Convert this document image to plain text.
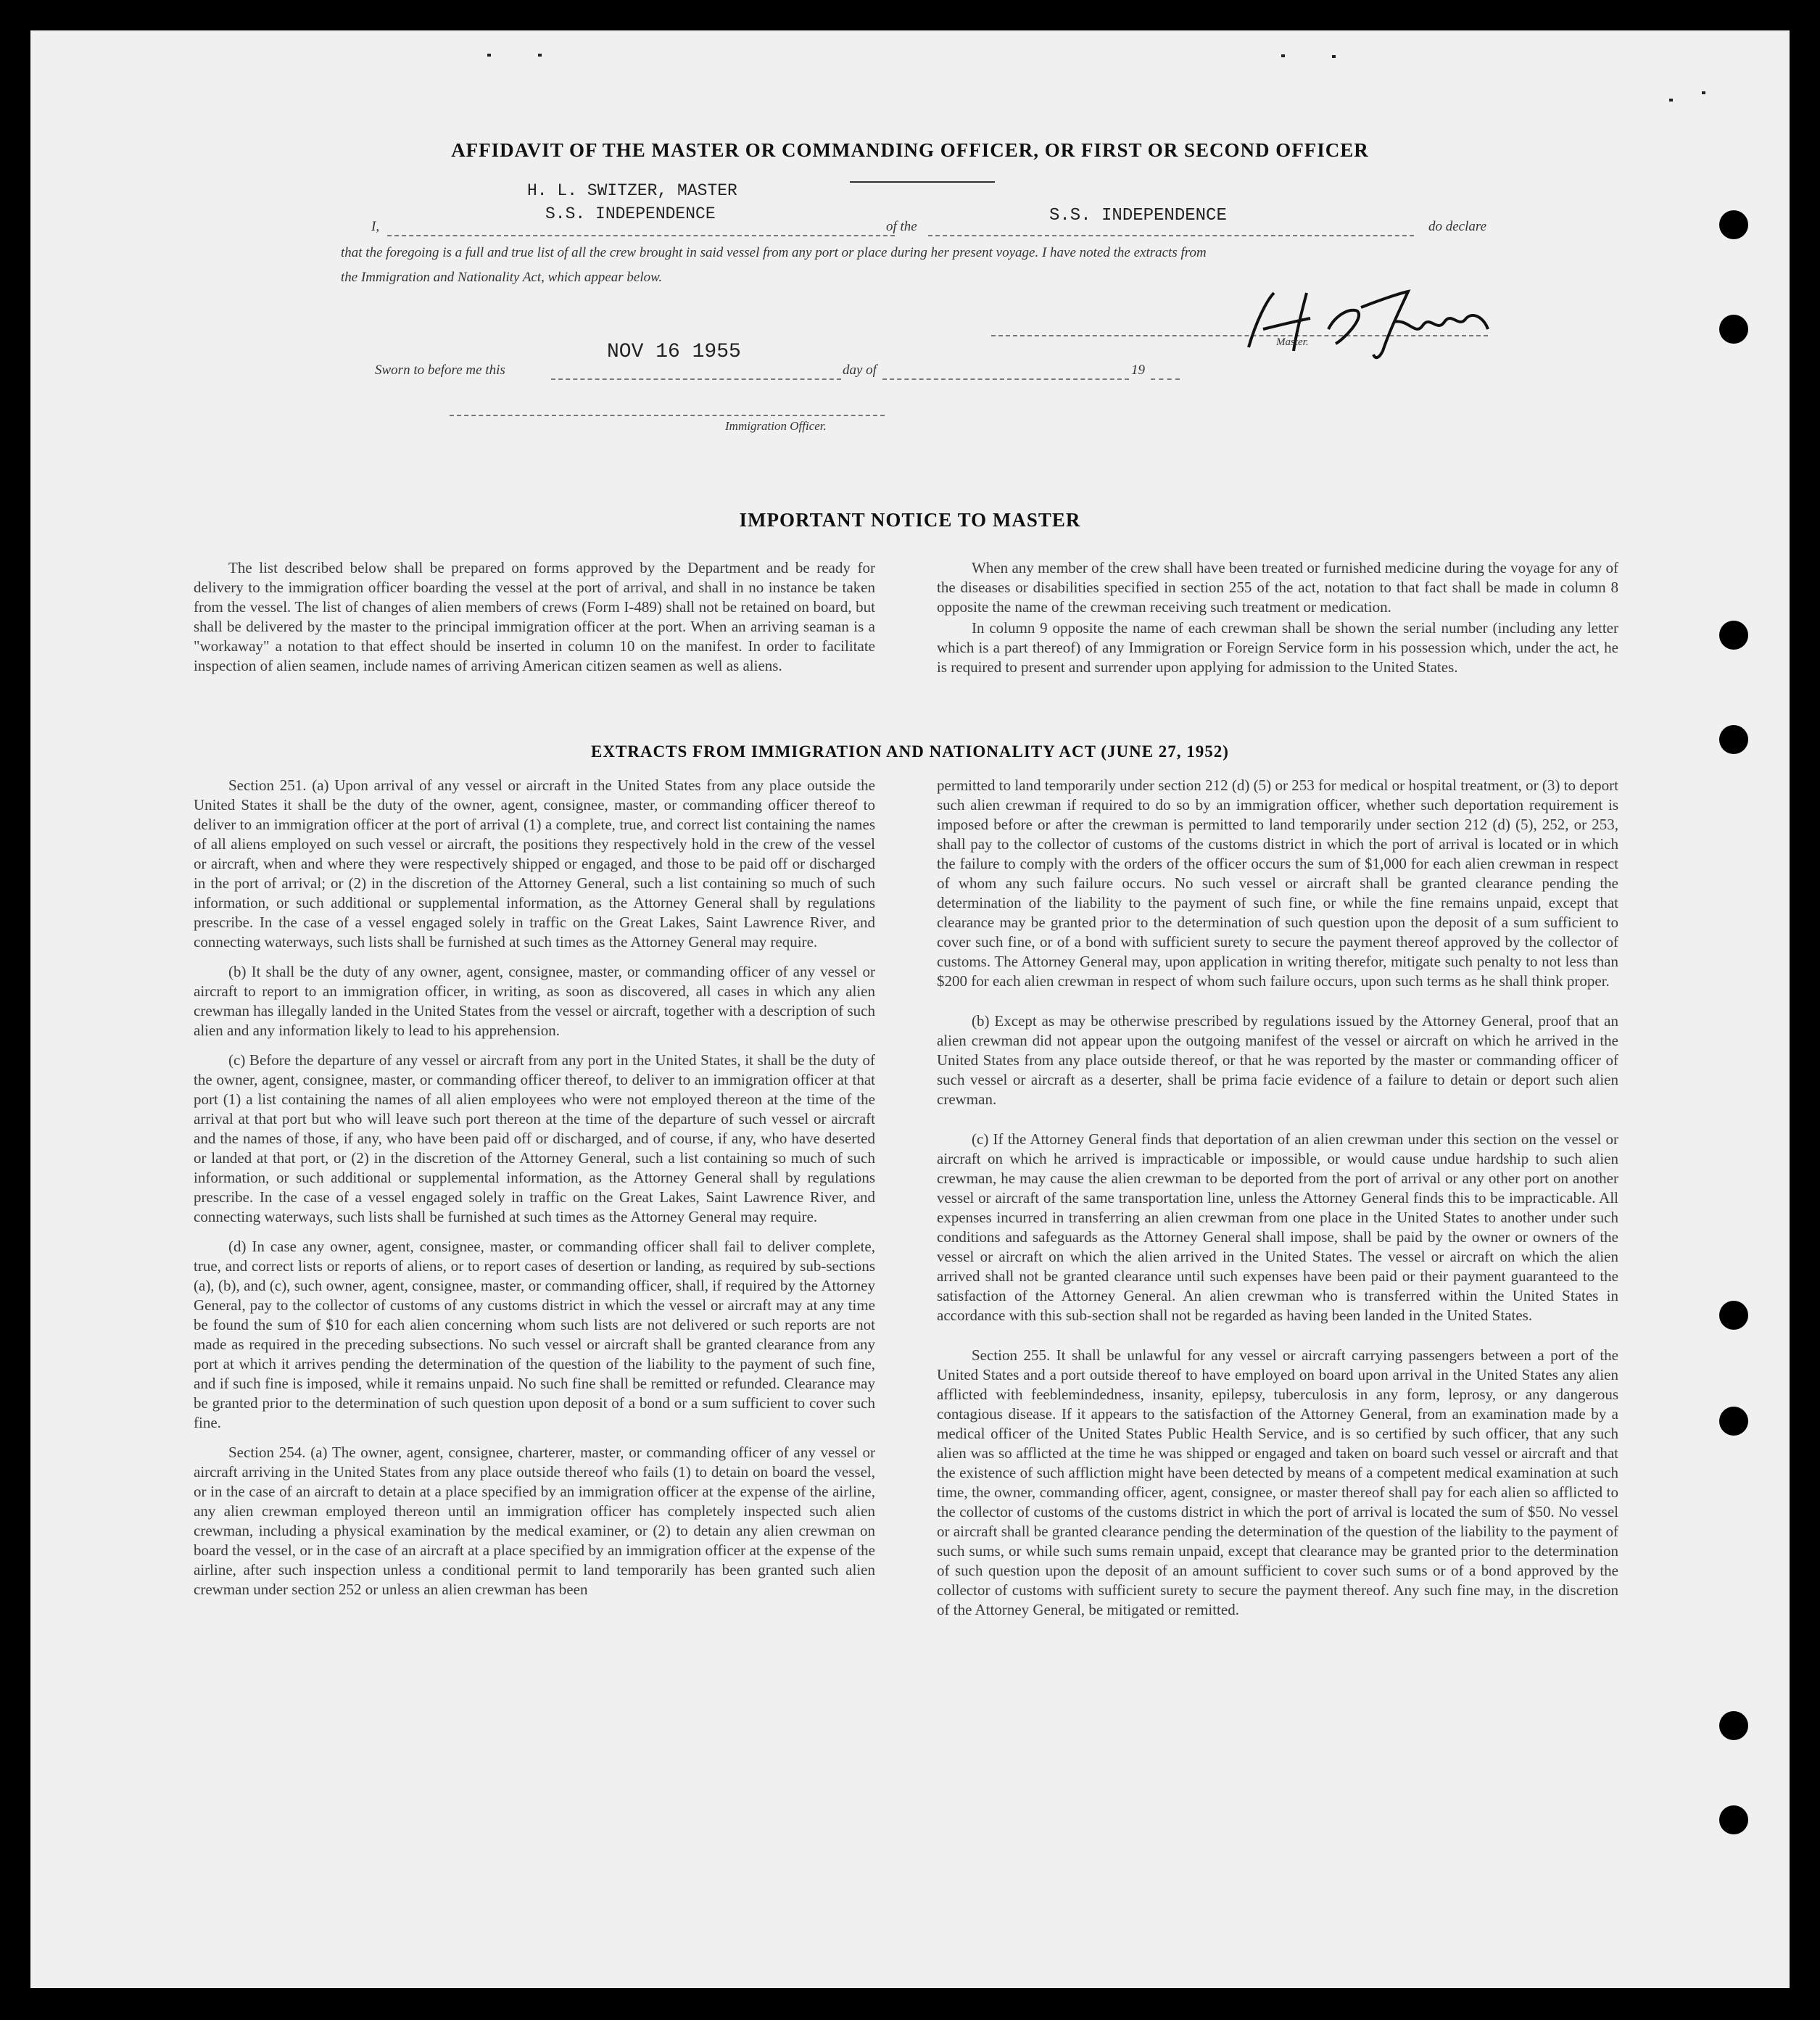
AFFIDAVIT OF THE MASTER OR COMMANDING OFFICER, OR FIRST OR SECOND OFFICER
H. L. SWITZER, MASTER
S.S. INDEPENDENCE
I,	of the
S.S. INDEPENDENCE
do declare
that the foregoing is a full and true list of all the crew brought in said vessel from any port or place during her present voyage. I have noted the extracts from
the Immigration and Nationality Act, which appear below.
Master.
NOV 16 1955
Sworn to before me this	day of	19
Immigration Officer.
IMPORTANT NOTICE TO MASTER

The list described below shall be prepared on forms approved by the Department and be ready for delivery to the immigration officer boarding the vessel at the port of arrival, and shall in no instance be taken from the vessel. The list of changes of alien members of crews (Form I-489) shall not be retained on board, but shall be delivered by the master to the principal immigration officer at the port. When an arriving seaman is a "workaway" a notation to that effect should be inserted in column 10 on the manifest. In order to facilitate inspection of alien seamen, include names of arriving American citizen seamen as well as aliens.

When any member of the crew shall have been treated or furnished medicine during the voyage for any of the diseases or disabilities specified in section 255 of the act, notation to that fact shall be made in column 8 opposite the name of the crewman receiving such treatment or medication.

In column 9 opposite the name of each crewman shall be shown the serial number (including any letter which is a part thereof) of any Immigration or Foreign Service form in his possession which, under the act, he is required to present and surrender upon applying for admission to the United States.

EXTRACTS FROM IMMIGRATION AND NATIONALITY ACT (JUNE 27, 1952)

Section 251. (a) Upon arrival of any vessel or aircraft in the United States from any place outside the United States it shall be the duty of the owner, agent, consignee, master, or commanding officer thereof to deliver to an immigration officer at the port of arrival (1) a complete, true, and correct list containing the names of all aliens employed on such vessel or aircraft, the positions they respectively hold in the crew of the vessel or aircraft, when and where they were respectively shipped or engaged, and those to be paid off or discharged in the port of arrival; or (2) in the discretion of the Attorney General, such a list containing so much of such information, or such additional or supplemental information, as the Attorney General shall by regulations prescribe. In the case of a vessel engaged solely in traffic on the Great Lakes, Saint Lawrence River, and connecting waterways, such lists shall be furnished at such times as the Attorney General may require.

(b) It shall be the duty of any owner, agent, consignee, master, or commanding officer of any vessel or aircraft to report to an immigration officer, in writing, as soon as discovered, all cases in which any alien crewman has illegally landed in the United States from the vessel or aircraft, together with a description of such alien and any information likely to lead to his apprehension.

(c) Before the departure of any vessel or aircraft from any port in the United States, it shall be the duty of the owner, agent, consignee, master, or commanding officer thereof, to deliver to an immigration officer at that port (1) a list containing the names of all alien employees who were not employed thereon at the time of the arrival at that port but who will leave such port thereon at the time of the departure of such vessel or aircraft and the names of those, if any, who have been paid off or discharged, and of course, if any, who have deserted or landed at that port, or (2) in the discretion of the Attorney General, such a list containing so much of such information, or such additional or supplemental information, as the Attorney General shall by regulations prescribe. In the case of a vessel engaged solely in traffic on the Great Lakes, Saint Lawrence River, and connecting waterways, such lists shall be furnished at such times as the Attorney General may require.

(d) In case any owner, agent, consignee, master, or commanding officer shall fail to deliver complete, true, and correct lists or reports of aliens, or to report cases of desertion or landing, as required by sub-sections (a), (b), and (c), such owner, agent, consignee, master, or commanding officer, shall, if required by the Attorney General, pay to the collector of customs of any customs district in which the vessel or aircraft may at any time be found the sum of $10 for each alien concerning whom such lists are not delivered or such reports are not made as required in the preceding subsections. No such vessel or aircraft shall be granted clearance from any port at which it arrives pending the determination of the question of the liability to the payment of such fine, and if such fine is imposed, while it remains unpaid. No such fine shall be remitted or refunded. Clearance may be granted prior to the determination of such question upon deposit of a bond or a sum sufficient to cover such fine.

Section 254. (a) The owner, agent, consignee, charterer, master, or commanding officer of any vessel or aircraft arriving in the United States from any place outside thereof who fails (1) to detain on board the vessel, or in the case of an aircraft to detain at a place specified by an immigration officer at the expense of the airline, any alien crewman employed thereon until an immigration officer has completely inspected such alien crewman, including a physical examination by the medical examiner, or (2) to detain any alien crewman on board the vessel, or in the case of an aircraft at a place specified by an immigration officer at the expense of the airline, after such inspection unless a conditional permit to land temporarily has been granted such alien crewman under section 252 or unless an alien crewman has been

permitted to land temporarily under section 212 (d) (5) or 253 for medical or hospital treatment, or (3) to deport such alien crewman if required to do so by an immigration officer, whether such deportation requirement is imposed before or after the crewman is permitted to land temporarily under section 212 (d) (5), 252, or 253, shall pay to the collector of customs of the customs district in which the port of arrival is located or in which the failure to comply with the orders of the officer occurs the sum of $1,000 for each alien crewman in respect of whom any such failure occurs. No such vessel or aircraft shall be granted clearance pending the determination of the liability to the payment of such fine, or while the fine remains unpaid, except that clearance may be granted prior to the determination of such question upon the deposit of a sum sufficient to cover such fine, or of a bond with sufficient surety to secure the payment thereof approved by the collector of customs. The Attorney General may, upon application in writing therefor, mitigate such penalty to not less than $200 for each alien crewman in respect of whom such failure occurs, upon such terms as he shall think proper.

(b) Except as may be otherwise prescribed by regulations issued by the Attorney General, proof that an alien crewman did not appear upon the outgoing manifest of the vessel or aircraft on which he arrived in the United States from any place outside thereof, or that he was reported by the master or commanding officer of such vessel or aircraft as a deserter, shall be prima facie evidence of a failure to detain or deport such alien crewman.

(c) If the Attorney General finds that deportation of an alien crewman under this section on the vessel or aircraft on which he arrived is impracticable or impossible, or would cause undue hardship to such alien crewman, he may cause the alien crewman to be deported from the port of arrival or any other port on another vessel or aircraft of the same transportation line, unless the Attorney General finds this to be impracticable. All expenses incurred in transferring an alien crewman from one place in the United States to another under such conditions and safeguards as the Attorney General shall impose, shall be paid by the owner or owners of the vessel or aircraft on which the alien arrived in the United States. The vessel or aircraft on which the alien arrived shall not be granted clearance until such expenses have been paid or their payment guaranteed to the satisfaction of the Attorney General. An alien crewman who is transferred within the United States in accordance with this sub-section shall not be regarded as having been landed in the United States.

Section 255. It shall be unlawful for any vessel or aircraft carrying passengers between a port of the United States and a port outside thereof to have employed on board upon arrival in the United States any alien afflicted with feeblemindedness, insanity, epilepsy, tuberculosis in any form, leprosy, or any dangerous contagious disease. If it appears to the satisfaction of the Attorney General, from an examination made by a medical officer of the United States Public Health Service, and is so certified by such officer, that any such alien was so afflicted at the time he was shipped or engaged and taken on board such vessel or aircraft and that the existence of such affliction might have been detected by means of a competent medical examination at such time, the owner, commanding officer, agent, consignee, or master thereof shall pay for each alien so afflicted to the collector of customs of the customs district in which the port of arrival is located the sum of $50. No vessel or aircraft shall be granted clearance pending the determination of the question of the liability to the payment of such sums, or while such sums remain unpaid, except that clearance may be granted prior to the determination of such question upon the deposit of an amount sufficient to cover such sums or of a bond approved by the collector of customs with sufficient surety to secure the payment thereof. Any such fine may, in the discretion of the Attorney General, be mitigated or remitted.
